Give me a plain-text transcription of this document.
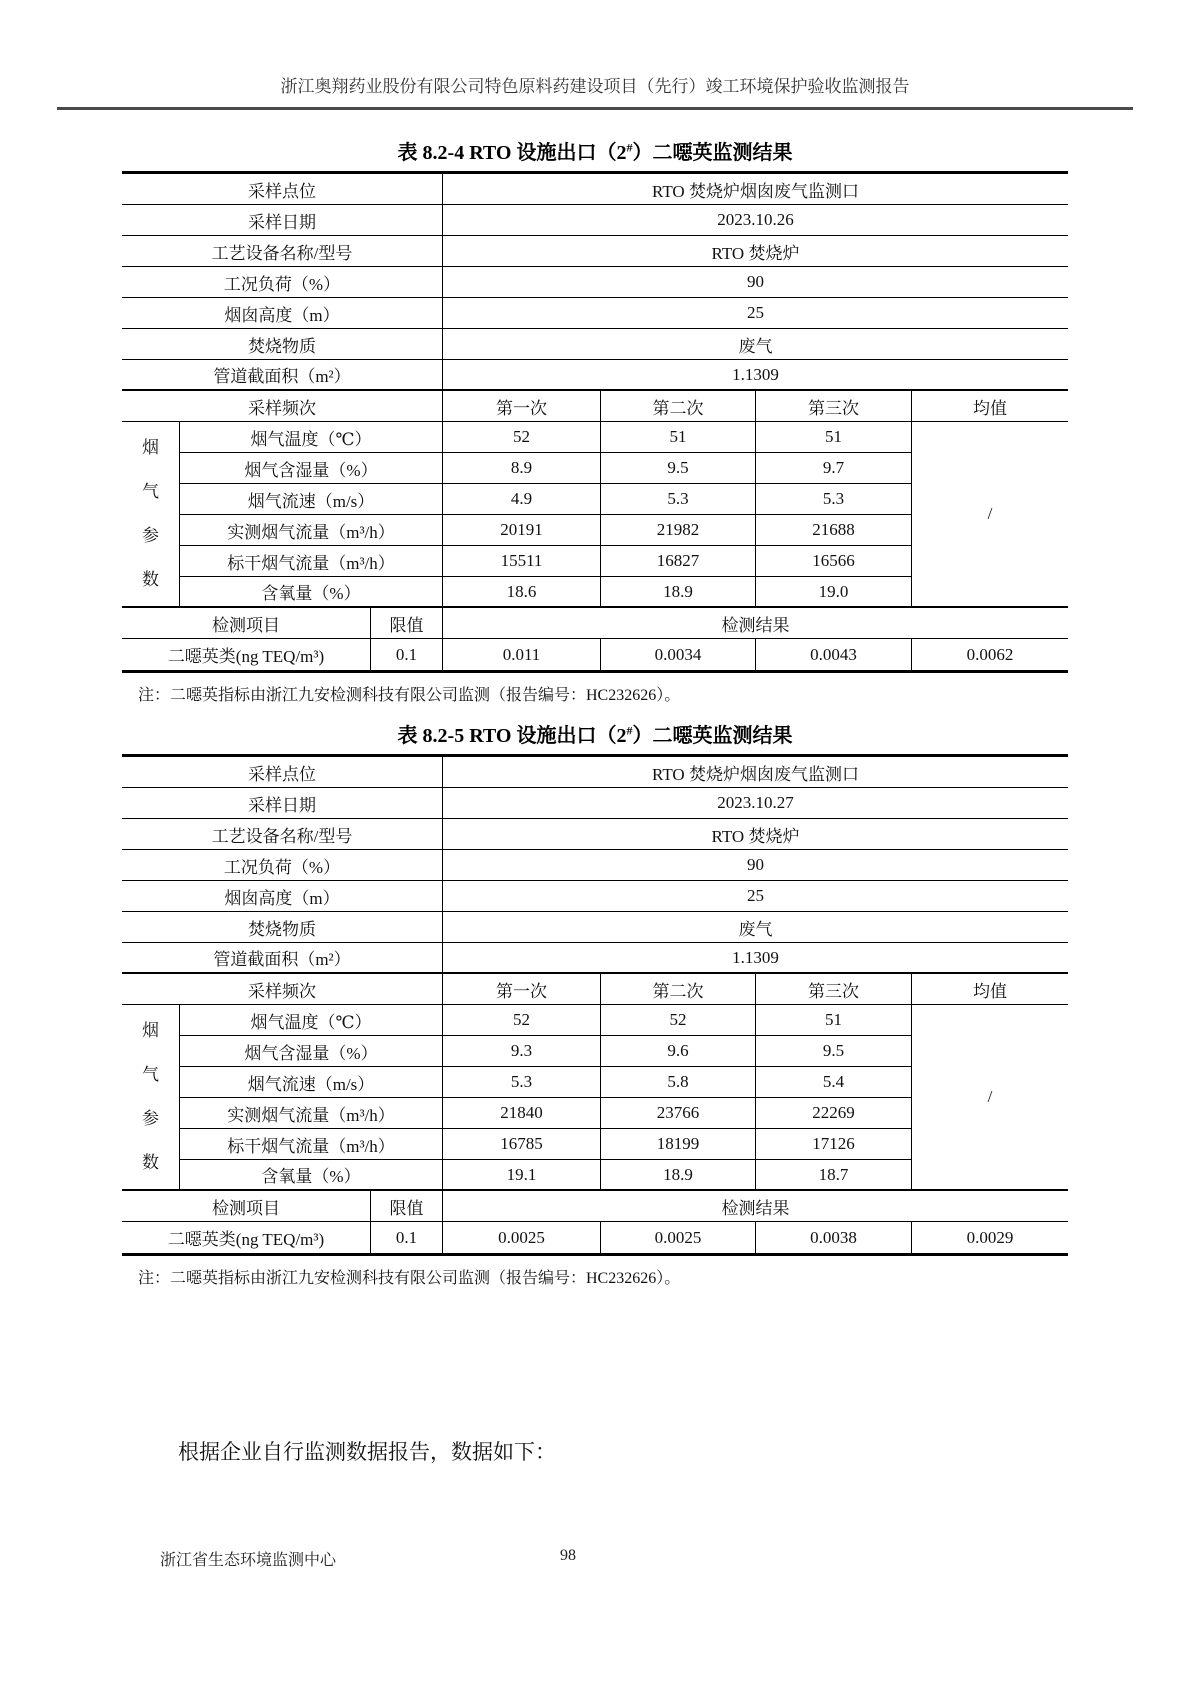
浙江奥翔药业股份有限公司特色原料药建设项目（先行）竣工环境保护验收监测报告
表 8.2-4 RTO 设施出口（2#）二噁英监测结果
采样点位	RTO 焚烧炉烟囱废气监测口
采样日期	2023.10.26
工艺设备名称/型号	RTO 焚烧炉
工况负荷（%）	90
烟囱高度（m）	25
焚烧物质	废气
管道截面积（m²）	1.1309
采样频次	第一次	第二次	第三次	均值
烟气参数
烟气温度（℃）	52	51	51
烟气含湿量（%）	8.9	9.5	9.7
烟气流速（m/s）	4.9	5.3	5.3
实测烟气流量（m³/h）	20191	21982	21688
标干烟气流量（m³/h）	15511	16827	16566
含氧量（%）	18.6	18.9	19.0
/
检测项目	限值	检测结果
二噁英类(ng TEQ/m³)	0.1	0.011	0.0034	0.0043	0.0062
注：二噁英指标由浙江九安检测科技有限公司监测（报告编号：HC232626）。
表 8.2-5 RTO 设施出口（2#）二噁英监测结果
采样点位	RTO 焚烧炉烟囱废气监测口
采样日期	2023.10.27
工艺设备名称/型号	RTO 焚烧炉
工况负荷（%）	90
烟囱高度（m）	25
焚烧物质	废气
管道截面积（m²）	1.1309
采样频次	第一次	第二次	第三次	均值
烟气参数
烟气温度（℃）	52	52	51
烟气含湿量（%）	9.3	9.6	9.5
烟气流速（m/s）	5.3	5.8	5.4
实测烟气流量（m³/h）	21840	23766	22269
标干烟气流量（m³/h）	16785	18199	17126
含氧量（%）	19.1	18.9	18.7
/
检测项目	限值	检测结果
二噁英类(ng TEQ/m³)	0.1	0.0025	0.0025	0.0038	0.0029
注：二噁英指标由浙江九安检测科技有限公司监测（报告编号：HC232626）。

根据企业自行监测数据报告，数据如下：

浙江省生态环境监测中心	98
